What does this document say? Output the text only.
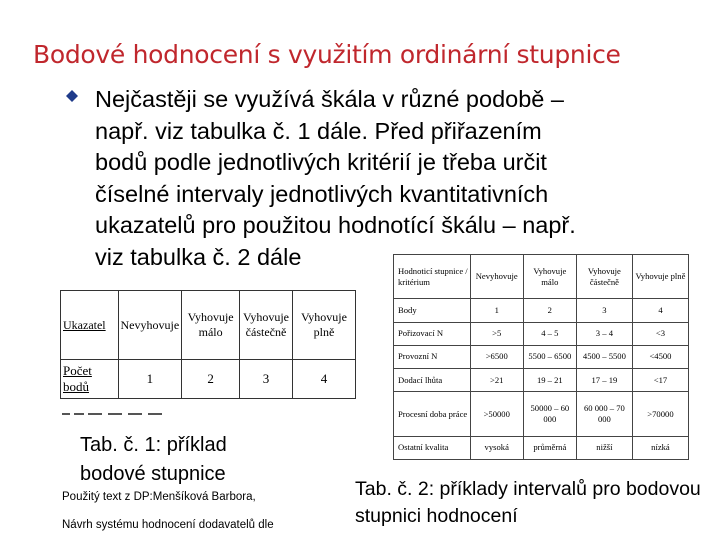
Bodové hodnocení s využitím ordinární stupnice
Nejčastěji se využívá škála v různé podobě –
např. viz tabulka č. 1 dále. Před přiřazením
bodů podle jednotlivých kritérií je třeba určit
číselné intervaly jednotlivých kvantitativních
ukazatelů pro použitou hodnotící škálu – např.
viz tabulka č. 2 dále
Ukazatel	Nevyhovuje	Vyhovuje málo	Vyhovuje částečně	Vyhovuje plně
Počet bodů	1	2	3	4
Hodnoticí stupnice / kritérium	Nevyhovuje	Vyhovuje málo	Vyhovuje částečně	Vyhovuje plně
Body	1	2	3	4
Pořizovací N	>5	4 – 5	3 – 4	<3
Provozní N	>6500	5500 – 6500	4500 – 5500	<4500
Dodací lhůta	>21	19 – 21	17 – 19	<17
Procesní doba práce	>50000	50000 – 60 000	60 000 – 70 000	>70000
Ostatní kvalita	vysoká	průměrná	nižší	nízká
Tab. č. 1: příklad bodové stupnice
Použitý text z DP:Menšíková Barbora,
Návrh systému hodnocení dodavatelů dle
Tab. č. 2: příklady intervalů pro bodovou stupnici hodnocení
